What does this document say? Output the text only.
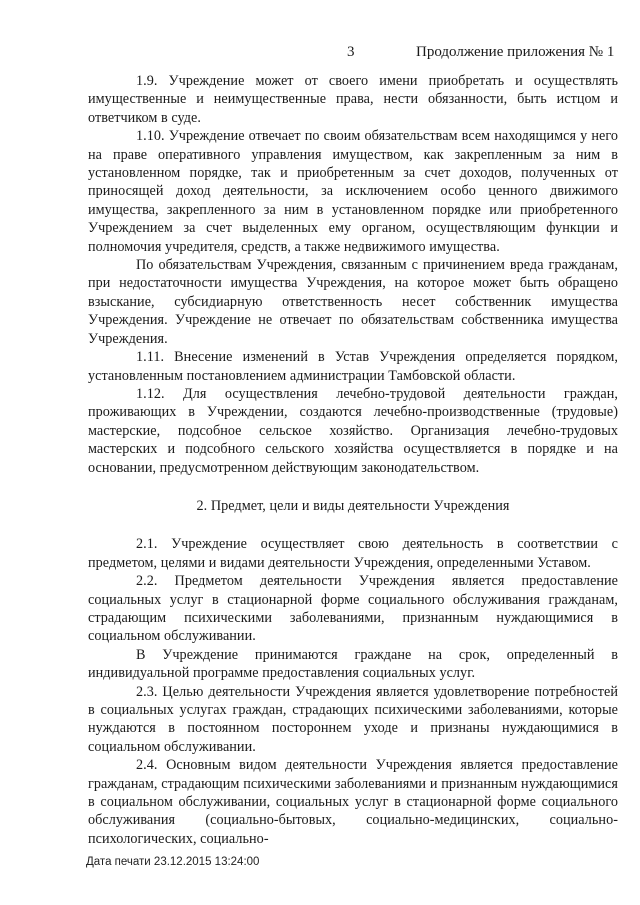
3	Продолжение приложения № 1

1.9. Учреждение может от своего имени приобретать и осуществлять имущественные и неимущественные права, нести обязанности, быть истцом и ответчиком в суде.

1.10. Учреждение отвечает по своим обязательствам всем находящимся у него на праве оперативного управления имуществом, как закрепленным за ним в установленном порядке, так и приобретенным за счет доходов, полученных от приносящей доход деятельности, за исключением особо ценного движимого имущества, закрепленного за ним в установленном порядке или приобретенного Учреждением за счет выделенных ему органом, осуществляющим функции и полномочия учредителя, средств, а также недвижимого имущества.

По обязательствам Учреждения, связанным с причинением вреда гражданам, при недостаточности имущества Учреждения, на которое может быть обращено взыскание, субсидиарную ответственность несет собственник имущества Учреждения. Учреждение не отвечает по обязательствам собственника имущества Учреждения.

1.11. Внесение изменений в Устав Учреждения определяется порядком, установленным постановлением администрации Тамбовской области.

1.12. Для осуществления лечебно-трудовой деятельности граждан, проживающих в Учреждении, создаются лечебно-производственные (трудовые) мастерские, подсобное сельское хозяйство. Организация лечебно-трудовых мастерских и подсобного сельского хозяйства осуществляется в порядке и на основании, предусмотренном действующим законодательством.

2. Предмет, цели и виды деятельности Учреждения

2.1. Учреждение осуществляет свою деятельность в соответствии с предметом, целями и видами деятельности Учреждения, определенными Уставом.

2.2. Предметом деятельности Учреждения является предоставление социальных услуг в стационарной форме социального обслуживания гражданам, страдающим психическими заболеваниями, признанным нуждающимися в социальном обслуживании.

В Учреждение принимаются граждане на срок, определенный в индивидуальной программе предоставления социальных услуг.

2.3. Целью деятельности Учреждения является удовлетворение потребностей в социальных услугах граждан, страдающих психическими заболеваниями, которые нуждаются в постоянном постороннем уходе и признаны нуждающимися в социальном обслуживании.

2.4. Основным видом деятельности Учреждения является предоставление гражданам, страдающим психическими заболеваниями и признанным нуждающимися в социальном обслуживании, социальных услуг в стационарной форме социального обслуживания (социально-бытовых, социально-медицинских, социально-психологических, социально-

Дата печати 23.12.2015 13:24:00
